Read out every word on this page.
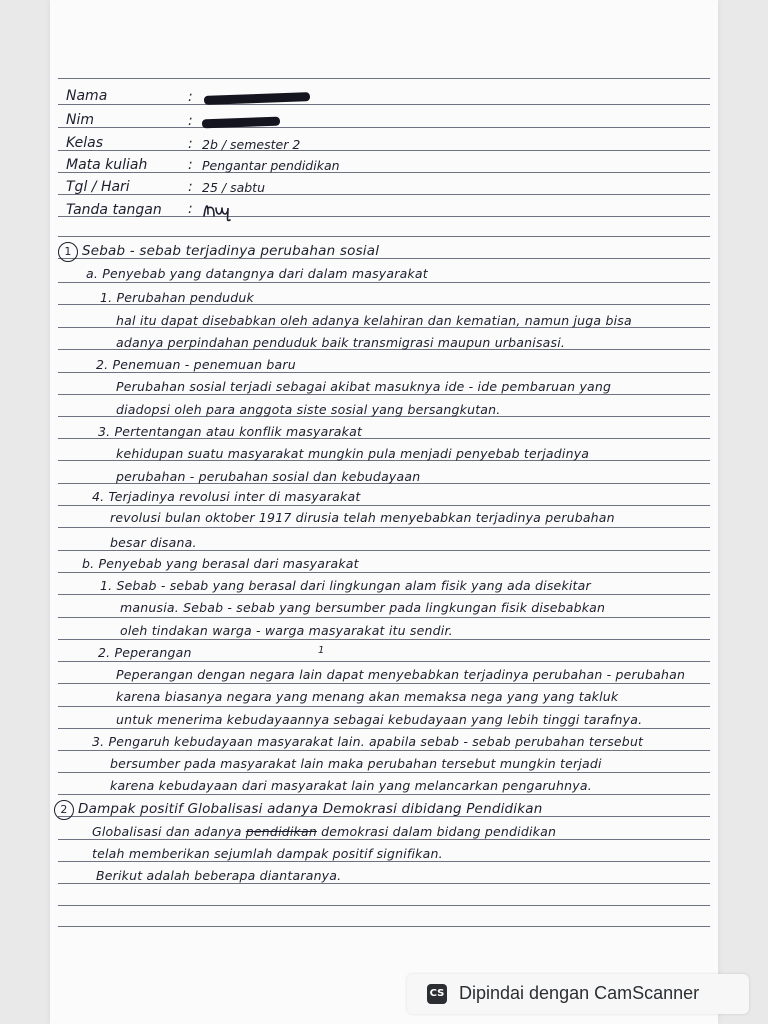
Nama	:
Nim	:
Kelas	: 2b / semester 2
Mata kuliah	: Pengantar pendidikan
Tgl / Hari	: 25 / sabtu
Tanda tangan :
1 Sebab - sebab terjadinya perubahan sosial
a. Penyebab yang datangnya dari dalam masyarakat
1. Perubahan penduduk
hal itu dapat disebabkan oleh adanya kelahiran dan kematian, namun juga bisa
adanya perpindahan penduduk baik transmigrasi maupun urbanisasi.
2. Penemuan - penemuan baru
Perubahan sosial terjadi sebagai akibat masuknya ide - ide pembaruan yang
diadopsi oleh para anggota siste sosial yang bersangkutan.
3. Pertentangan atau konflik masyarakat
kehidupan suatu masyarakat mungkin pula menjadi penyebab terjadinya
perubahan - perubahan sosial dan kebudayaan
4. Terjadinya revolusi inter di masyarakat
revolusi bulan oktober 1917 dirusia telah menyebabkan terjadinya perubahan
besar disana.
b. Penyebab yang berasal dari masyarakat
1. Sebab - sebab yang berasal dari lingkungan alam fisik yang ada disekitar
manusia. Sebab - sebab yang bersumber pada lingkungan fisik disebabkan
oleh tindakan warga - warga masyarakat itu sendir.
2. Peperangan	1
Peperangan dengan negara lain dapat menyebabkan terjadinya perubahan - perubahan
karena biasanya negara yang menang akan memaksa nega yang yang takluk
untuk menerima kebudayaannya sebagai kebudayaan yang lebih tinggi tarafnya.
3. Pengaruh kebudayaan masyarakat lain. apabila sebab - sebab perubahan tersebut
bersumber pada masyarakat lain maka perubahan tersebut mungkin terjadi
karena kebudayaan dari masyarakat lain yang melancarkan pengaruhnya.
2 Dampak positif Globalisasi adanya Demokrasi dibidang Pendidikan
Globalisasi dan adanya pendidikan demokrasi dalam bidang pendidikan
telah memberikan sejumlah dampak positif signifikan.
Berikut adalah beberapa diantaranya.
CS Dipindai dengan CamScanner
